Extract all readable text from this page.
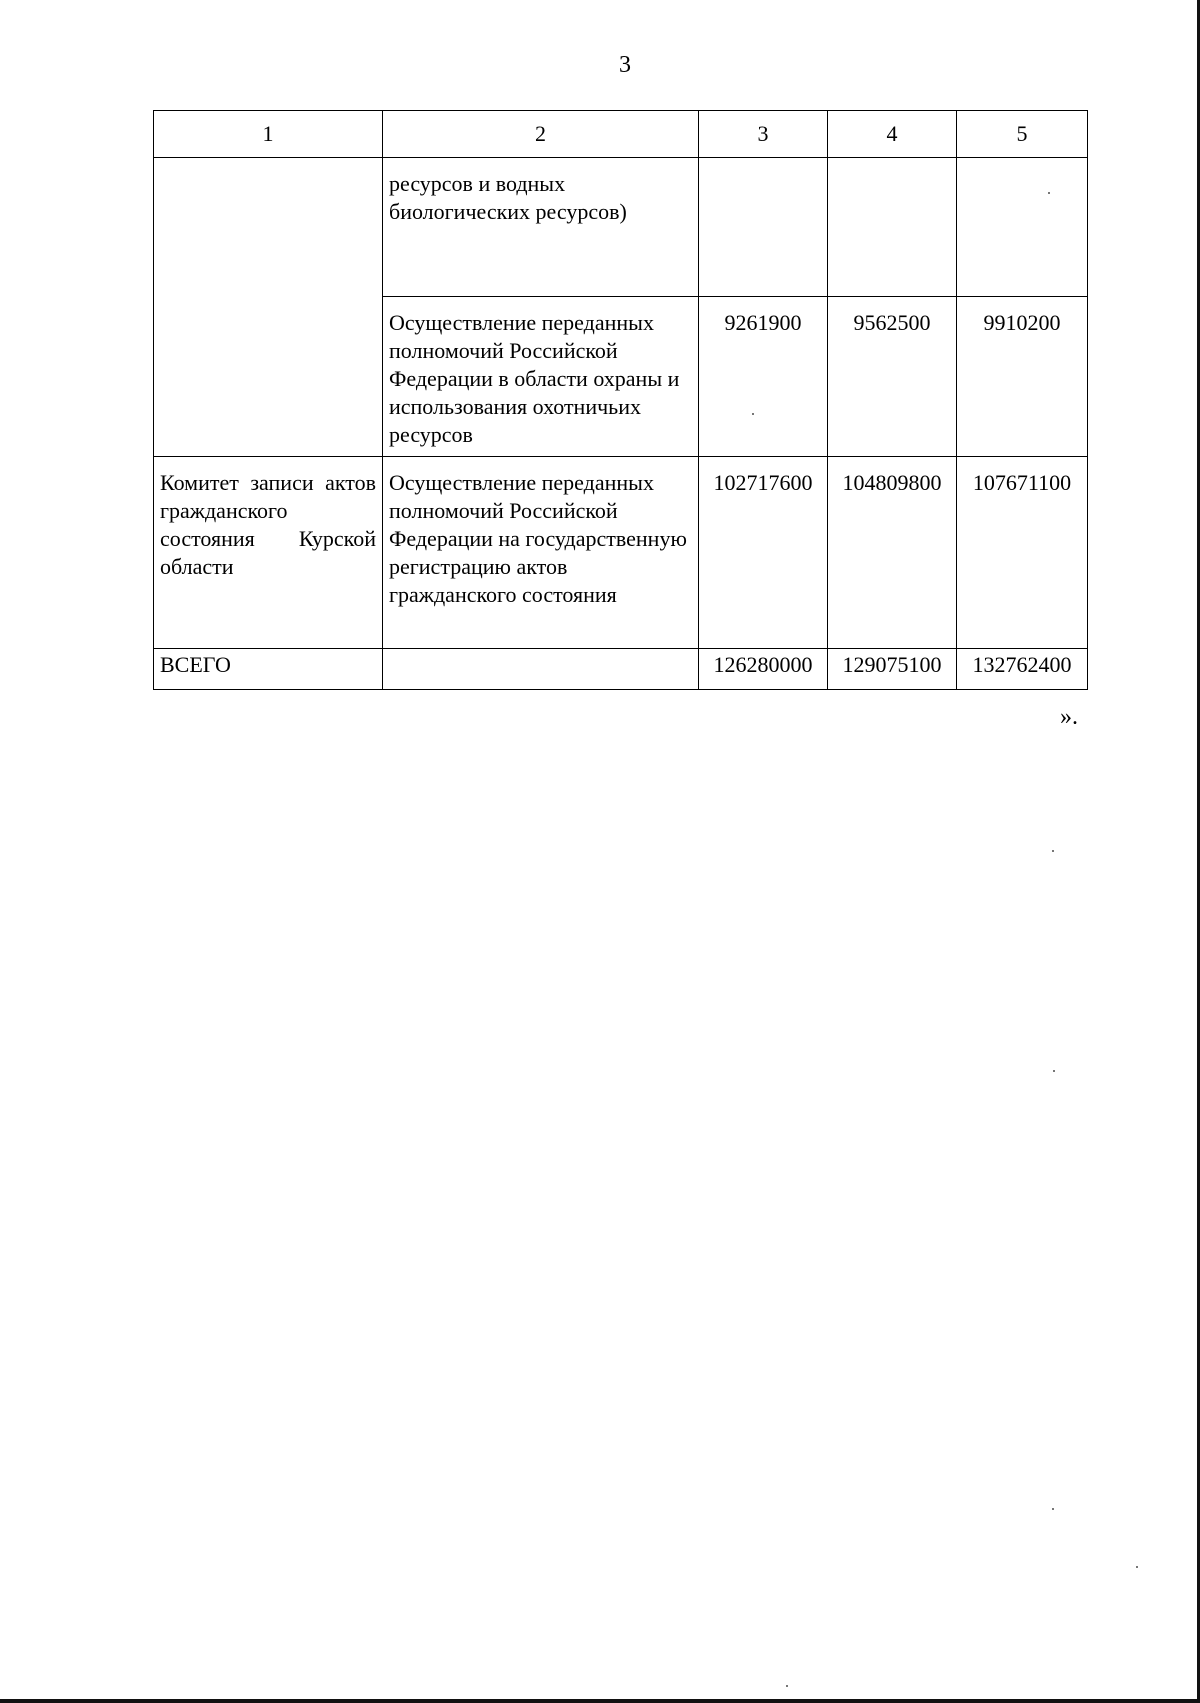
3
1	2	3	4	5
	ресурсов и водных биологических ресурсов)			
	Осуществление переданных полномочий Российской Федерации в области охраны и использования охотничьих ресурсов	9261900	9562500	9910200
Комитет записи актов гражданского состояния Курской области	Осуществление переданных полномочий Российской Федерации на государственную регистрацию актов гражданского состояния	102717600	104809800	107671100
ВСЕГО		126280000	129075100	132762400
».
